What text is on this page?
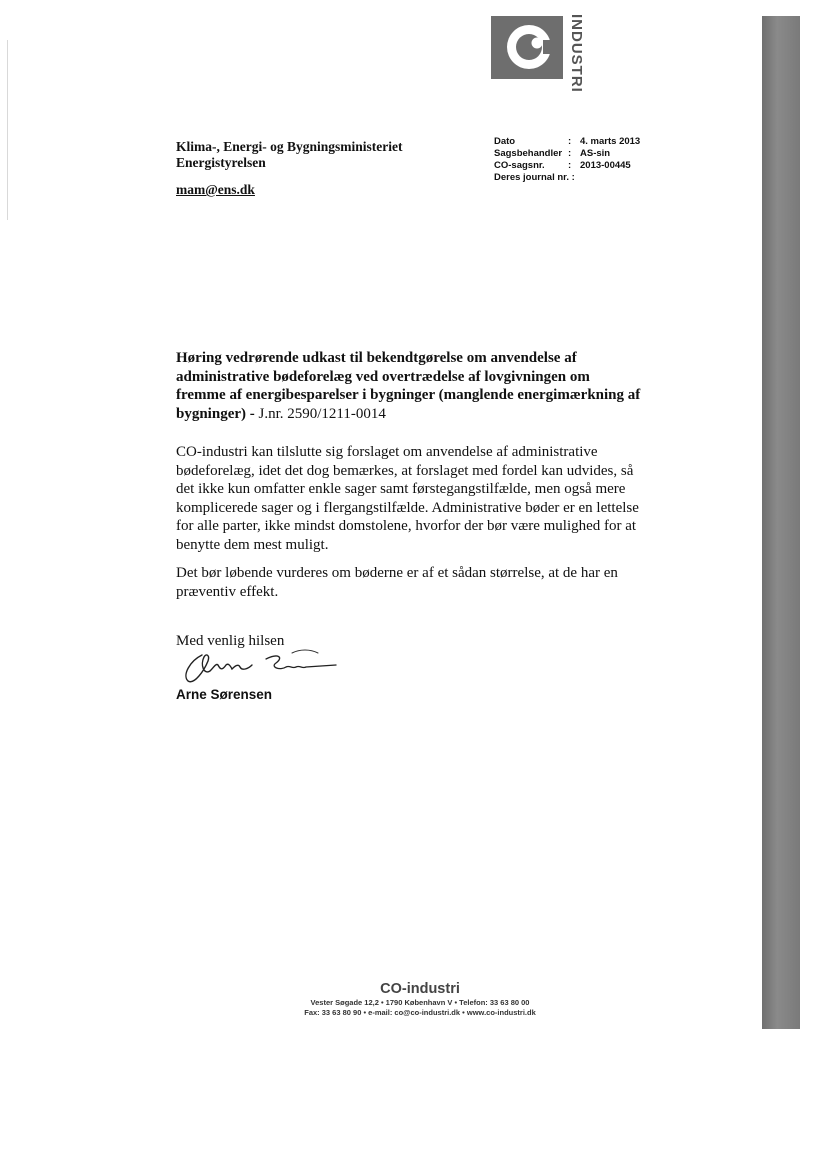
INDUSTRI
Klima-, Energi- og Bygningsministeriet
Energistyrelsen
mam@ens.dk
Dato	: 4. marts 2013
Sagsbehandler : AS-sin
CO-sagsnr.	: 2013-00445
Deres journal nr. :
Høring vedrørende udkast til bekendtgørelse om anvendelse af administrative bødeforelæg ved overtrædelse af lovgivningen om fremme af energibesparelser i bygninger (manglende energimærkning af bygninger) - J.nr. 2590/1211-0014
CO-industri kan tilslutte sig forslaget om anvendelse af administrative bødeforelæg, idet det dog bemærkes, at forslaget med fordel kan udvides, så det ikke kun omfatter enkle sager samt førstegangstilfælde, men også mere komplicerede sager og i flergangstilfælde. Administrative bøder er en lettelse for alle parter, ikke mindst domstolene, hvorfor der bør være mulighed for at benytte dem mest muligt.
Det bør løbende vurderes om bøderne er af et sådan størrelse, at de har en præventiv effekt.
Med venlig hilsen
Arne Sørensen
CO-industri
Vester Søgade 12,2 • 1790 København V • Telefon: 33 63 80 00
Fax: 33 63 80 90 • e-mail: co@co-industri.dk • www.co-industri.dk
